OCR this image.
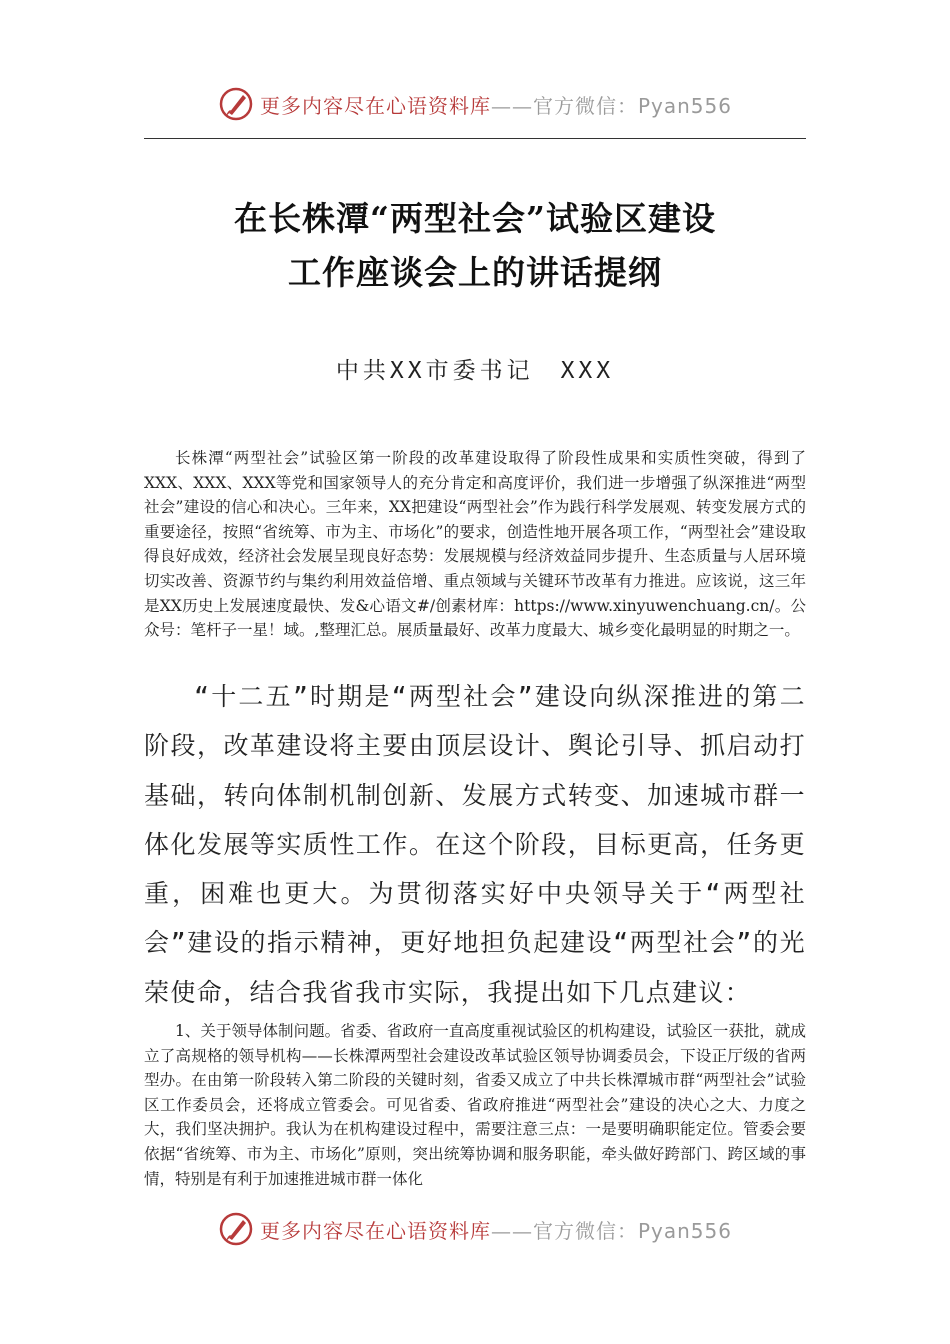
更多内容尽在心语资料库——官方微信：Pyan556
在长株潭“两型社会”试验区建设
工作座谈会上的讲话提纲
中共XX市委书记　XXX
长株潭“两型社会”试验区第一阶段的改革建设取得了阶段性成果和实质性突破，得到了XXX、XXX、XXX等党和国家领导人的充分肯定和高度评价，我们进一步增强了纵深推进“两型社会”建设的信心和决心。三年来，XX把建设“两型社会”作为践行科学发展观、转变发展方式的重要途径，按照“省统筹、市为主、市场化”的要求，创造性地开展各项工作，“两型社会”建设取得良好成效，经济社会发展呈现良好态势：发展规模与经济效益同步提升、生态质量与人居环境切实改善、资源节约与集约利用效益倍增、重点领域与关键环节改革有力推进。应该说，这三年是XX历史上发展速度最快、发&心语文#/创素材库：https://www.xinyuwenchuang.cn/。公众号：笔杆子一星！域。,整理汇总。展质量最好、改革力度最大、城乡变化最明显的时期之一。
“十二五”时期是“两型社会”建设向纵深推进的第二阶段，改革建设将主要由顶层设计、舆论引导、抓启动打基础，转向体制机制创新、发展方式转变、加速城市群一体化发展等实质性工作。在这个阶段，目标更高，任务更重，困难也更大。为贯彻落实好中央领导关于“两型社会”建设的指示精神，更好地担负起建设“两型社会”的光荣使命，结合我省我市实际，我提出如下几点建议：
1、关于领导体制问题。省委、省政府一直高度重视试验区的机构建设，试验区一获批，就成立了高规格的领导机构——长株潭两型社会建设改革试验区领导协调委员会，下设正厅级的省两型办。在由第一阶段转入第二阶段的关键时刻，省委又成立了中共长株潭城市群“两型社会”试验区工作委员会，还将成立管委会。可见省委、省政府推进“两型社会”建设的决心之大、力度之大，我们坚决拥护。我认为在机构建设过程中，需要注意三点：一是要明确职能定位。管委会要依据“省统筹、市为主、市场化”原则，突出统筹协调和服务职能，牵头做好跨部门、跨区域的事情，特别是有利于加速推进城市群一体化
更多内容尽在心语资料库——官方微信：Pyan556
